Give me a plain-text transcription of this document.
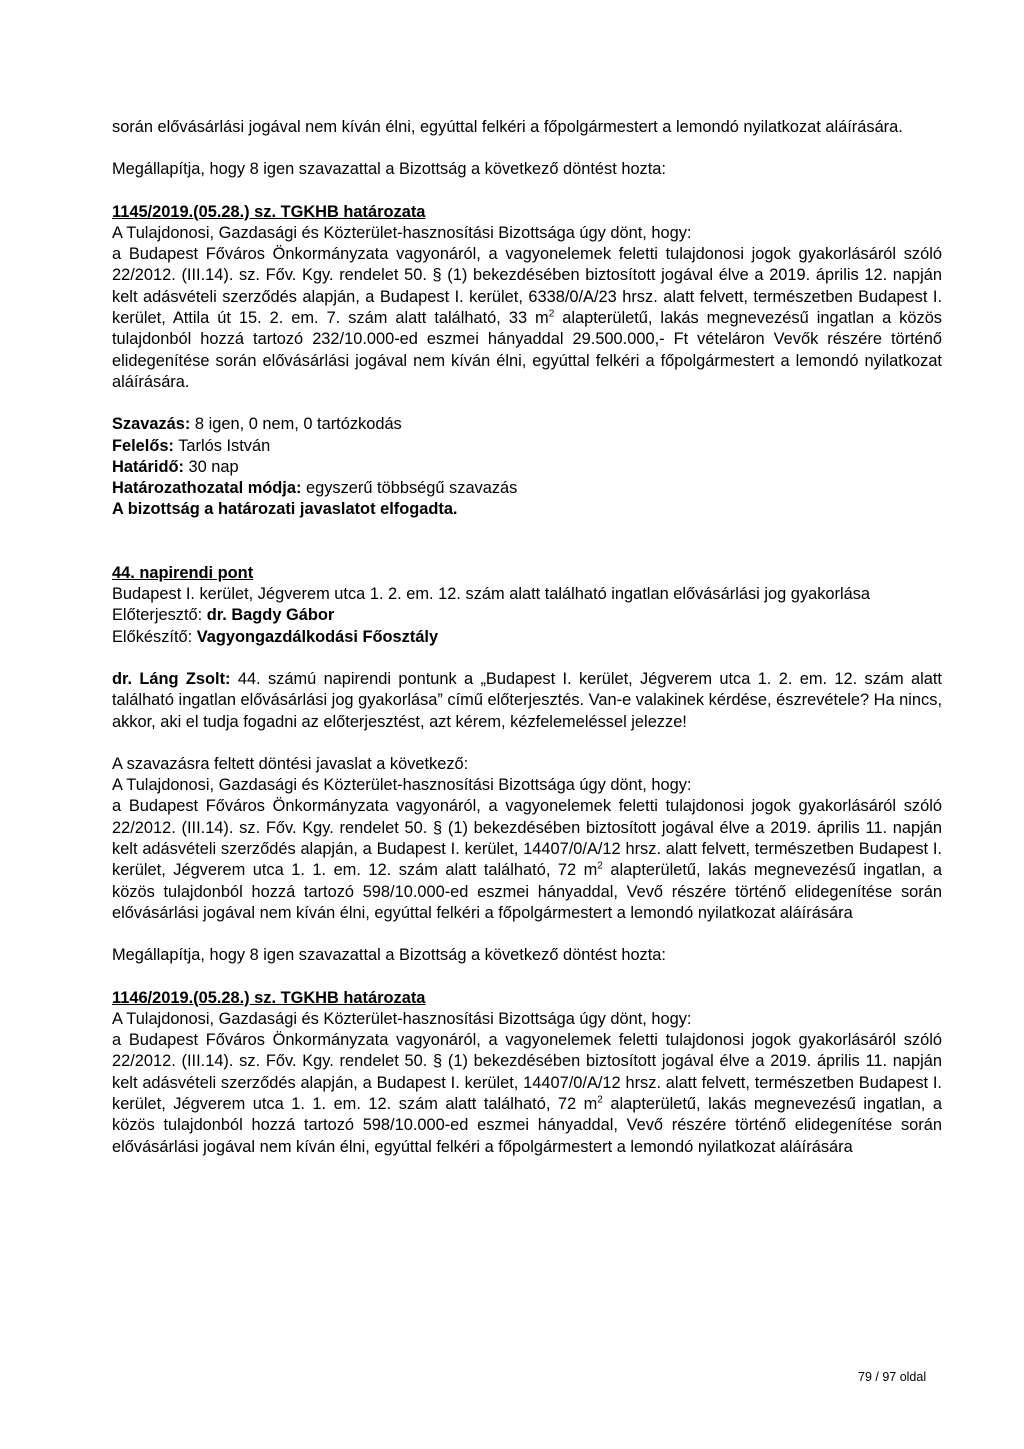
során elővásárlási jogával nem kíván élni, egyúttal felkéri a főpolgármestert a lemondó nyilatkozat aláírására.

Megállapítja, hogy 8 igen szavazattal a Bizottság a következő döntést hozta:

1145/2019.(05.28.) sz. TGKHB határozata

A Tulajdonosi, Gazdasági és Közterület-hasznosítási Bizottsága úgy dönt, hogy:

a Budapest Főváros Önkormányzata vagyonáról, a vagyonelemek feletti tulajdonosi jogok gyakorlásáról szóló 22/2012. (III.14). sz. Főv. Kgy. rendelet 50. § (1) bekezdésében biztosított jogával élve a 2019. április 12. napján kelt adásvételi szerződés alapján, a Budapest I. kerület, 6338/0/A/23 hrsz. alatt felvett, természetben Budapest I. kerület, Attila út 15. 2. em. 7. szám alatt található, 33 $m^2$ alapterületű, lakás megnevezésű ingatlan a közös tulajdonból hozzá tartozó 232/10.000-ed eszmei hányaddal 29.500.000,- Ft vételáron Vevők részére történő elidegenítése során elővásárlási jogával nem kíván élni, egyúttal felkéri a főpolgármestert a lemondó nyilatkozat aláírására.

Szavazás: 8 igen, 0 nem, 0 tartózkodás

Felelős: Tarlós István

Határidő: 30 nap

Határozathozatal módja: egyszerű többségű szavazás

A bizottság a határozati javaslatot elfogadta.

44. napirendi pont

Budapest I. kerület, Jégverem utca 1. 2. em. 12. szám alatt található ingatlan elővásárlási jog gyakorlása

Előterjesztő: dr. Bagdy Gábor

Előkészítő: Vagyongazdálkodási Főosztály

dr. Láng Zsolt: 44. számú napirendi pontunk a „Budapest I. kerület, Jégverem utca 1. 2. em. 12. szám alatt található ingatlan elővásárlási jog gyakorlása” című előterjesztés. Van-e valakinek kérdése, észrevétele? Ha nincs, akkor, aki el tudja fogadni az előterjesztést, azt kérem, kézfelemeléssel jelezze!

A szavazásra feltett döntési javaslat a következő:

A Tulajdonosi, Gazdasági és Közterület-hasznosítási Bizottsága úgy dönt, hogy:

a Budapest Főváros Önkormányzata vagyonáról, a vagyonelemek feletti tulajdonosi jogok gyakorlásáról szóló 22/2012. (III.14). sz. Főv. Kgy. rendelet 50. § (1) bekezdésében biztosított jogával élve a 2019. április 11. napján kelt adásvételi szerződés alapján, a Budapest I. kerület, 14407/0/A/12 hrsz. alatt felvett, természetben Budapest I. kerület, Jégverem utca 1. 1. em. 12. szám alatt található, 72 $m^2$ alapterületű, lakás megnevezésű ingatlan, a közös tulajdonból hozzá tartozó 598/10.000-ed eszmei hányaddal, Vevő részére történő elidegenítése során elővásárlási jogával nem kíván élni, egyúttal felkéri a főpolgármestert a lemondó nyilatkozat aláírására

Megállapítja, hogy 8 igen szavazattal a Bizottság a következő döntést hozta:

1146/2019.(05.28.) sz. TGKHB határozata

A Tulajdonosi, Gazdasági és Közterület-hasznosítási Bizottsága úgy dönt, hogy:

a Budapest Főváros Önkormányzata vagyonáról, a vagyonelemek feletti tulajdonosi jogok gyakorlásáról szóló 22/2012. (III.14). sz. Főv. Kgy. rendelet 50. § (1) bekezdésében biztosított jogával élve a 2019. április 11. napján kelt adásvételi szerződés alapján, a Budapest I. kerület, 14407/0/A/12 hrsz. alatt felvett, természetben Budapest I. kerület, Jégverem utca 1. 1. em. 12. szám alatt található, 72 $m^2$ alapterületű, lakás megnevezésű ingatlan, a közös tulajdonból hozzá tartozó 598/10.000-ed eszmei hányaddal, Vevő részére történő elidegenítése során elővásárlási jogával nem kíván élni, egyúttal felkéri a főpolgármestert a lemondó nyilatkozat aláírására

79 / 97 oldal
